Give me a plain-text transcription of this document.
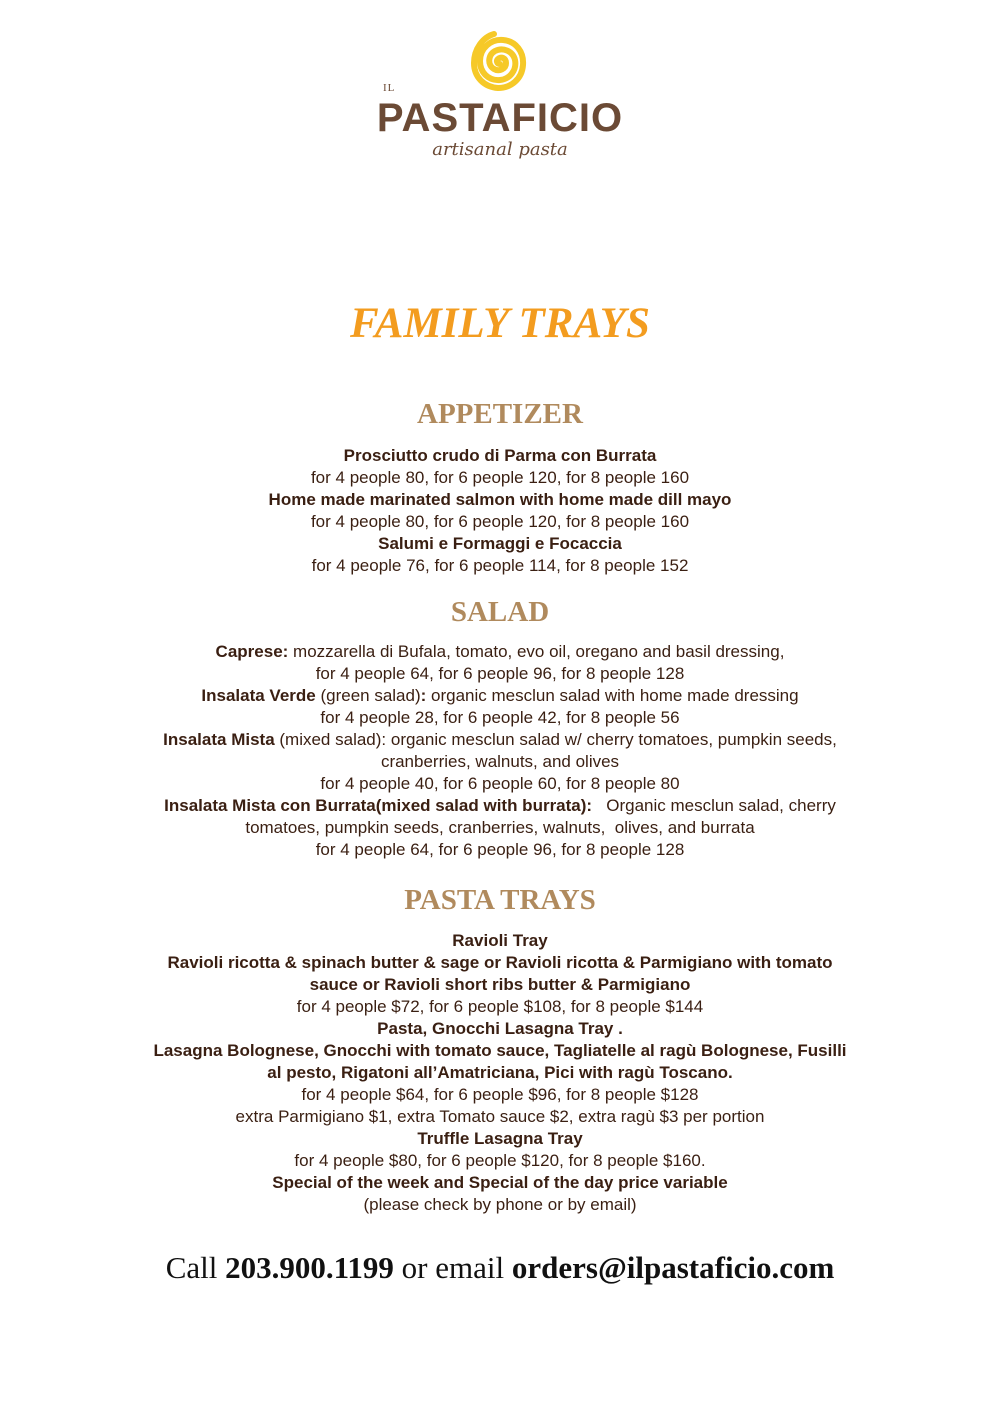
IL
PASTAFICIO
artisanal pasta
FAMILY TRAYS
APPETIZER

Prosciutto crudo di Parma con Burrata

for 4 people 80, for 6 people 120, for 8 people 160

Home made marinated salmon with home made dill mayo

for 4 people 80, for 6 people 120, for 8 people 160

Salumi e Formaggi e Focaccia

for 4 people 76, for 6 people 114, for 8 people 152

SALAD

Caprese: mozzarella di Bufala, tomato, evo oil, oregano and basil dressing,

for 4 people 64, for 6 people 96, for 8 people 128

Insalata Verde (green salad): organic mesclun salad with home made dressing

for 4 people 28, for 6 people 42, for 8 people 56

Insalata Mista (mixed salad): organic mesclun salad w/ cherry tomatoes, pumpkin seeds,

cranberries, walnuts, and olives

for 4 people 40, for 6 people 60, for 8 people 80

Insalata Mista con Burrata(mixed salad with burrata):   Organic mesclun salad, cherry

tomatoes, pumpkin seeds, cranberries, walnuts,  olives, and burrata

for 4 people 64, for 6 people 96, for 8 people 128

PASTA TRAYS

Ravioli Tray

Ravioli ricotta & spinach butter & sage or Ravioli ricotta & Parmigiano with tomato

sauce or Ravioli short ribs butter & Parmigiano

for 4 people $72, for 6 people $108, for 8 people $144

Pasta, Gnocchi Lasagna Tray .

Lasagna Bolognese, Gnocchi with tomato sauce, Tagliatelle al ragù Bolognese, Fusilli

al pesto, Rigatoni all’Amatriciana, Pici with ragù Toscano.

for 4 people $64, for 6 people $96, for 8 people $128

extra Parmigiano $1, extra Tomato sauce $2, extra ragù $3 per portion

Truffle Lasagna Tray

for 4 people $80, for 6 people $120, for 8 people $160.

Special of the week and Special of the day price variable

(please check by phone or by email)

Call 203.900.1199 or email orders@ilpastaficio.com
